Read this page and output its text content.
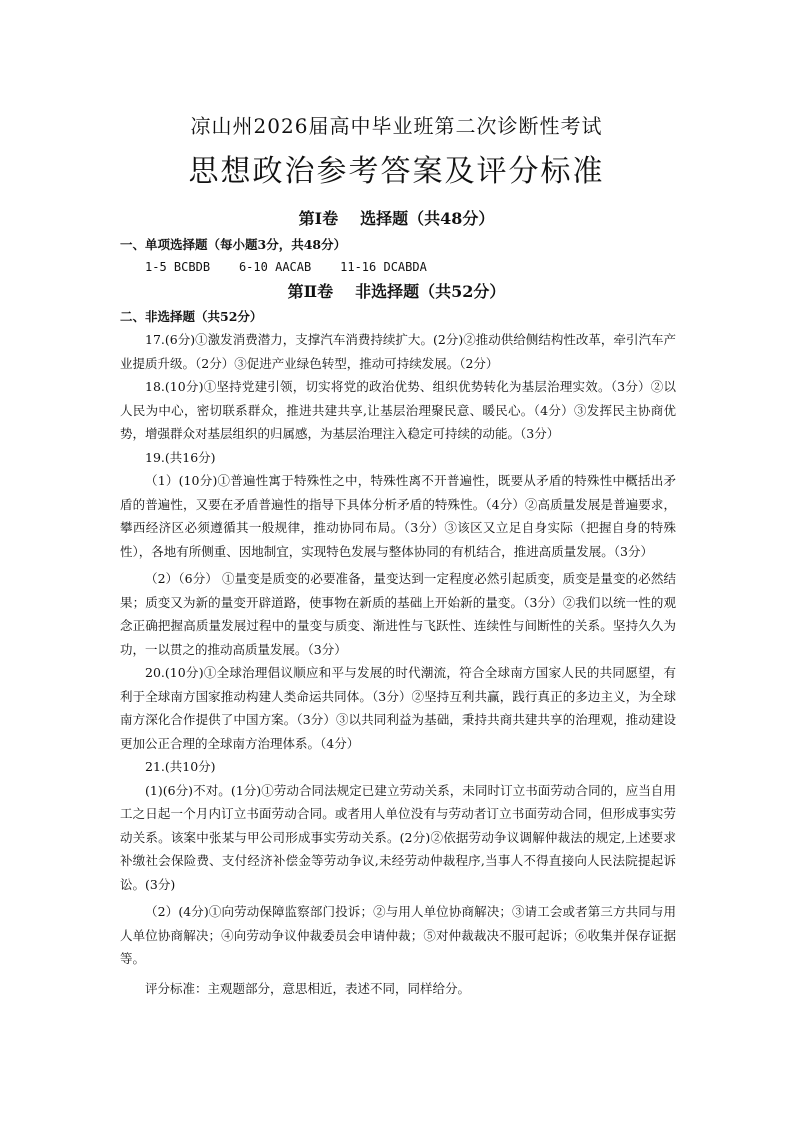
凉山州2026届高中毕业班第二次诊断性考试
思想政治参考答案及评分标准
第Ⅰ卷 选择题（共48分）
一、单项选择题（每小题3分，共48分）
1-5 BCBDB 6-10 AACAB 11-16 DCABDA
第Ⅱ卷 非选择题（共52分）
二、非选择题（共52分）

17.(6分)①激发消费潜力，支撑汽车消费持续扩大。(2分)②推动供给侧结构性改革，牵引汽车产业提质升级。（2分）③促进产业绿色转型，推动可持续发展。（2分）

18.(10分)①坚持党建引领，切实将党的政治优势、组织优势转化为基层治理实效。（3分）②以人民为中心，密切联系群众，推进共建共享,让基层治理聚民意、暖民心。（4分）③发挥民主协商优势，增强群众对基层组织的归属感，为基层治理注入稳定可持续的动能。（3分）

19.(共16分)

（1）(10分)①普遍性寓于特殊性之中，特殊性离不开普遍性，既要从矛盾的特殊性中概括出矛盾的普遍性，又要在矛盾普遍性的指导下具体分析矛盾的特殊性。（4分）②高质量发展是普遍要求，攀西经济区必须遵循其一般规律，推动协同布局。（3分）③该区又立足自身实际（把握自身的特殊性），各地有所侧重、因地制宜，实现特色发展与整体协同的有机结合，推进高质量发展。（3分）

（2）（6分） ①量变是质变的必要准备，量变达到一定程度必然引起质变，质变是量变的必然结果；质变又为新的量变开辟道路，使事物在新质的基础上开始新的量变。（3分）②我们以统一性的观念正确把握高质量发展过程中的量变与质变、渐进性与飞跃性、连续性与间断性的关系。坚持久久为功，一以贯之的推动高质量发展。（3分）

20.(10分)①全球治理倡议顺应和平与发展的时代潮流，符合全球南方国家人民的共同愿望，有利于全球南方国家推动构建人类命运共同体。（3分）②坚持互利共赢，践行真正的多边主义，为全球南方深化合作提供了中国方案。（3分）③以共同利益为基础，秉持共商共建共享的治理观，推动建设更加公正合理的全球南方治理体系。（4分）

21.(共10分)

(1)(6分)不对。(1分)①劳动合同法规定已建立劳动关系，未同时订立书面劳动合同的，应当自用工之日起一个月内订立书面劳动合同。或者用人单位没有与劳动者订立书面劳动合同，但形成事实劳动关系。该案中张某与甲公司形成事实劳动关系。(2分)②依据劳动争议调解仲裁法的规定,上述要求补缴社会保险费、支付经济补偿金等劳动争议,未经劳动仲裁程序,当事人不得直接向人民法院提起诉讼。(3分)

（2）(4分)①向劳动保障监察部门投诉；②与用人单位协商解决；③请工会或者第三方共同与用人单位协商解决；④向劳动争议仲裁委员会申请仲裁；⑤对仲裁裁决不服可起诉；⑥收集并保存证据等。

评分标准：主观题部分，意思相近，表述不同，同样给分。
